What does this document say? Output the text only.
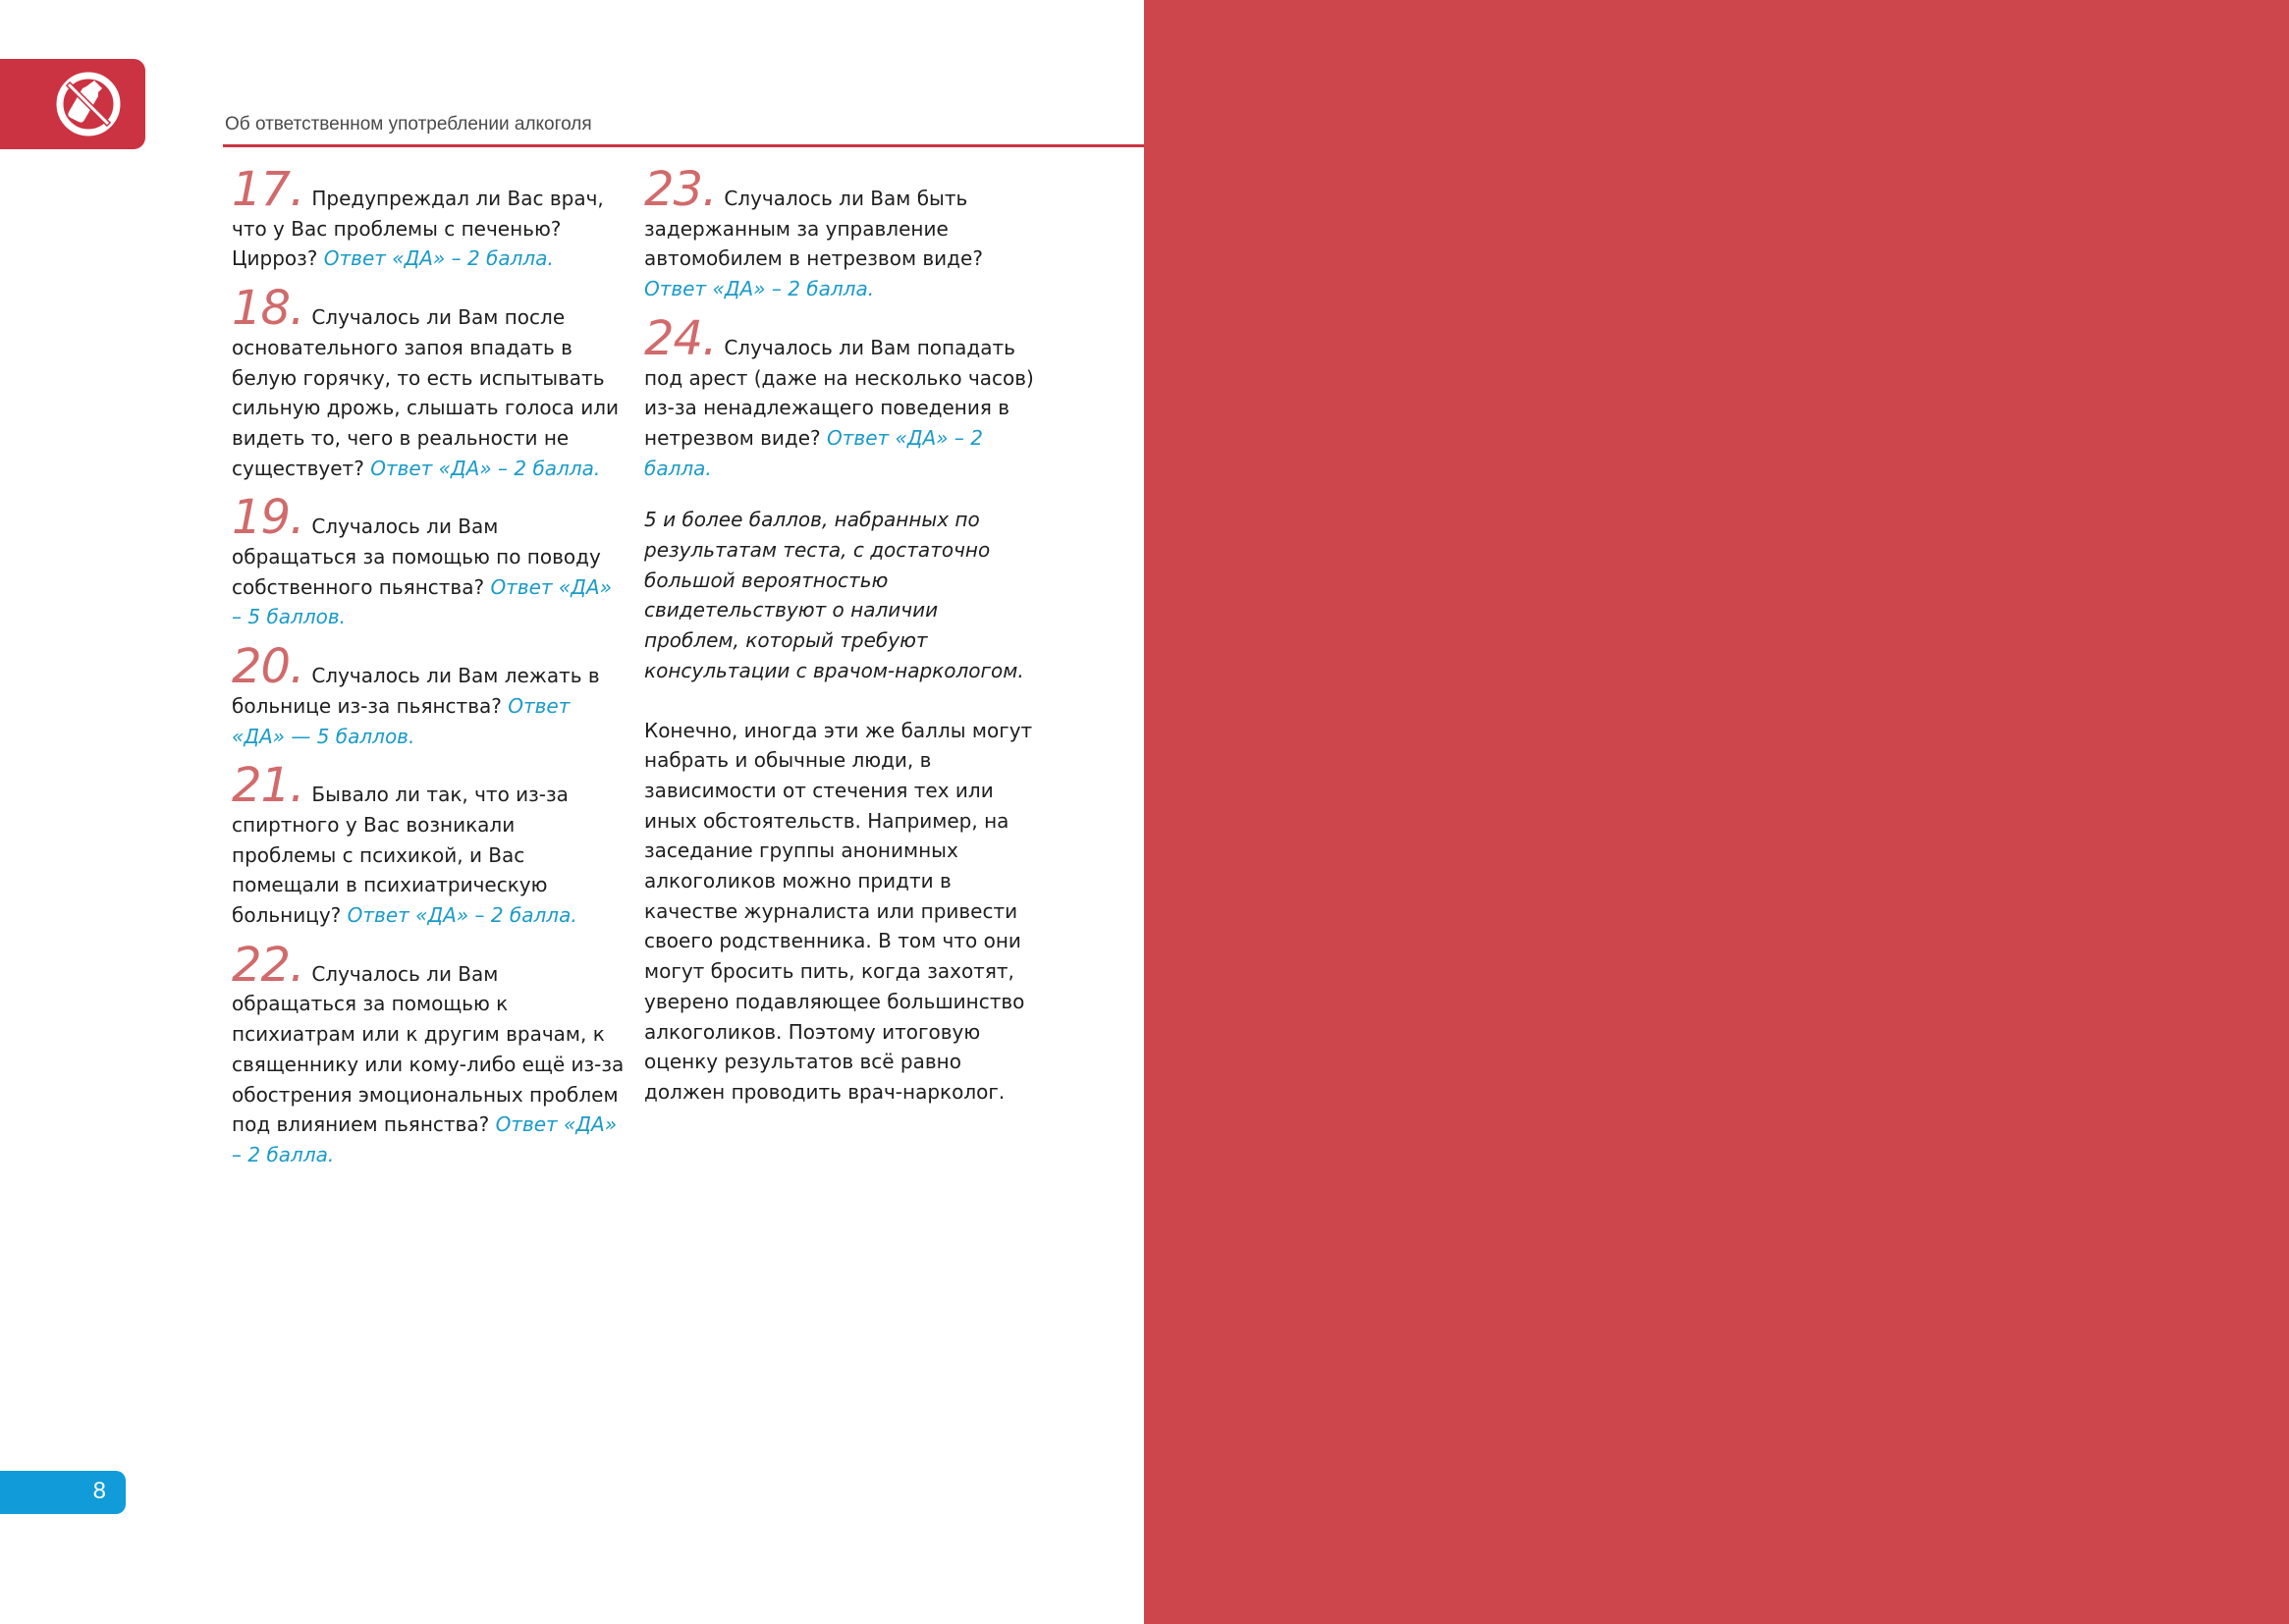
Об ответственном употреблении алкоголя

17. Предупреждал ли Вас врач, что у Вас проблемы с печенью? Цирроз? Ответ «ДА» – 2 балла.

18. Случалось ли Вам после основательного запоя впадать в белую горячку, то есть испытывать сильную дрожь, слышать голоса или видеть то, чего в реальности не существует? Ответ «ДА» – 2 балла.

19. Случалось ли Вам обращаться за помощью по поводу собственного пьянства? Ответ «ДА» – 5 баллов.

20. Случалось ли Вам лежать в больнице из-за пьянства? Ответ «ДА» — 5 баллов.

21. Бывало ли так, что из-за спиртного у Вас возникали проблемы с психикой, и Вас помещали в психиатрическую больницу? Ответ «ДА» – 2 балла.

22. Случалось ли Вам обращаться за помощью к психиатрам или к другим врачам, к священнику или кому-либо ещё из-за обострения эмоциональных проблем под влиянием пьянства? Ответ «ДА» – 2 балла.

23. Случалось ли Вам быть задержанным за управление автомобилем в нетрезвом виде? Ответ «ДА» – 2 балла.

24. Случалось ли Вам попадать под арест (даже на несколько часов) из-за ненадлежащего поведения в нетрезвом виде? Ответ «ДА» – 2 балла.

5 и более баллов, набранных по результатам теста, с достаточно большой вероятностью свидетельствуют о наличии проблем, который требуют консультации с врачом-наркологом.

Конечно, иногда эти же баллы могут набрать и обычные люди, в зависимости от стечения тех или иных обстоятельств. Например, на заседание группы анонимных алкоголиков можно придти в качестве журналиста или привести своего родственника. В том что они могут бросить пить, когда захотят, уверено подавляющее большинство алкоголиков. Поэтому итоговую оценку результатов всё равно должен проводить врач-нарколог.

8
